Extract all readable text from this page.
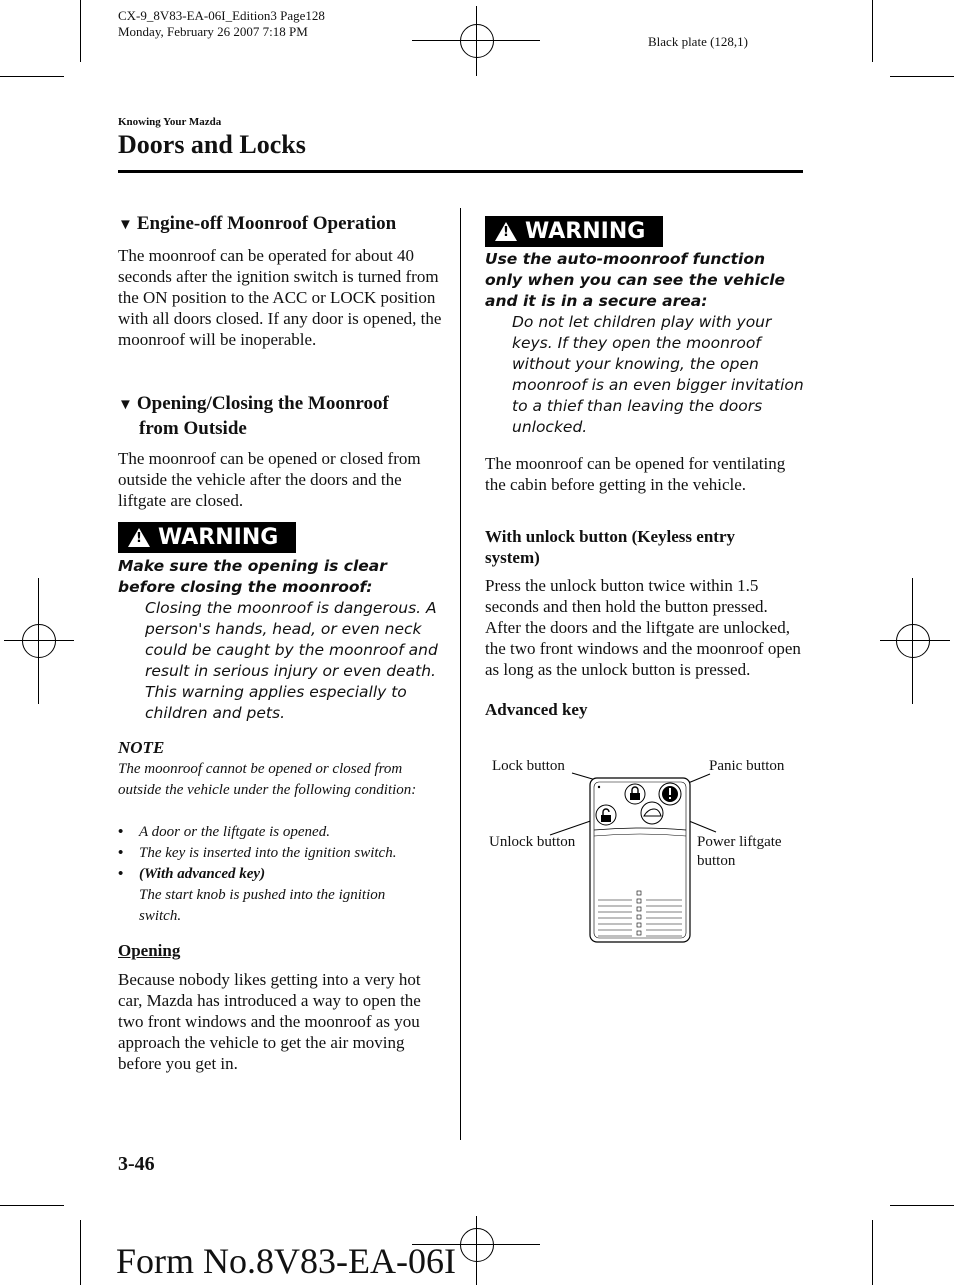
CX-9_8V83-EA-06I_Edition3 Page128
Monday, February 26 2007 7:18 PM
Black plate (128,1)
Knowing Your Mazda
Doors and Locks
▼ Engine-off Moonroof Operation
The moonroof can be operated for about 40 seconds after the ignition switch is turned from the ON position to the ACC or LOCK position with all doors closed. If any door is opened, the moonroof will be inoperable.
▼ Opening/Closing the Moonroof
from Outside
The moonroof can be opened or closed from outside the vehicle after the doors and the liftgate are closed.
! WARNING
Make sure the opening is clear before closing the moonroof:
Closing the moonroof is dangerous. A person's hands, head, or even neck could be caught by the moonroof and result in serious injury or even death. This warning applies especially to children and pets.
NOTE
The moonroof cannot be opened or closed from outside the vehicle under the following condition:
• A door or the liftgate is opened.
• The key is inserted into the ignition switch.
• (With advanced key)
The start knob is pushed into the ignition switch.
Opening
Because nobody likes getting into a very hot car, Mazda has introduced a way to open the two front windows and the moonroof as you approach the vehicle to get the air moving before you get in.
! WARNING
Use the auto-moonroof function only when you can see the vehicle and it is in a secure area:
Do not let children play with your keys. If they open the moonroof without your knowing, the open moonroof is an even bigger invitation to a thief than leaving the doors unlocked.
The moonroof can be opened for ventilating the cabin before getting in the vehicle.
With unlock button (Keyless entry system)
Press the unlock button twice within 1.5 seconds and then hold the button pressed. After the doors and the liftgate are unlocked, the two front windows and the moonroof open as long as the unlock button is pressed.
Advanced key
Lock button	Panic button
Unlock button	Power liftgate
button
3-46
Form No.8V83-EA-06I
